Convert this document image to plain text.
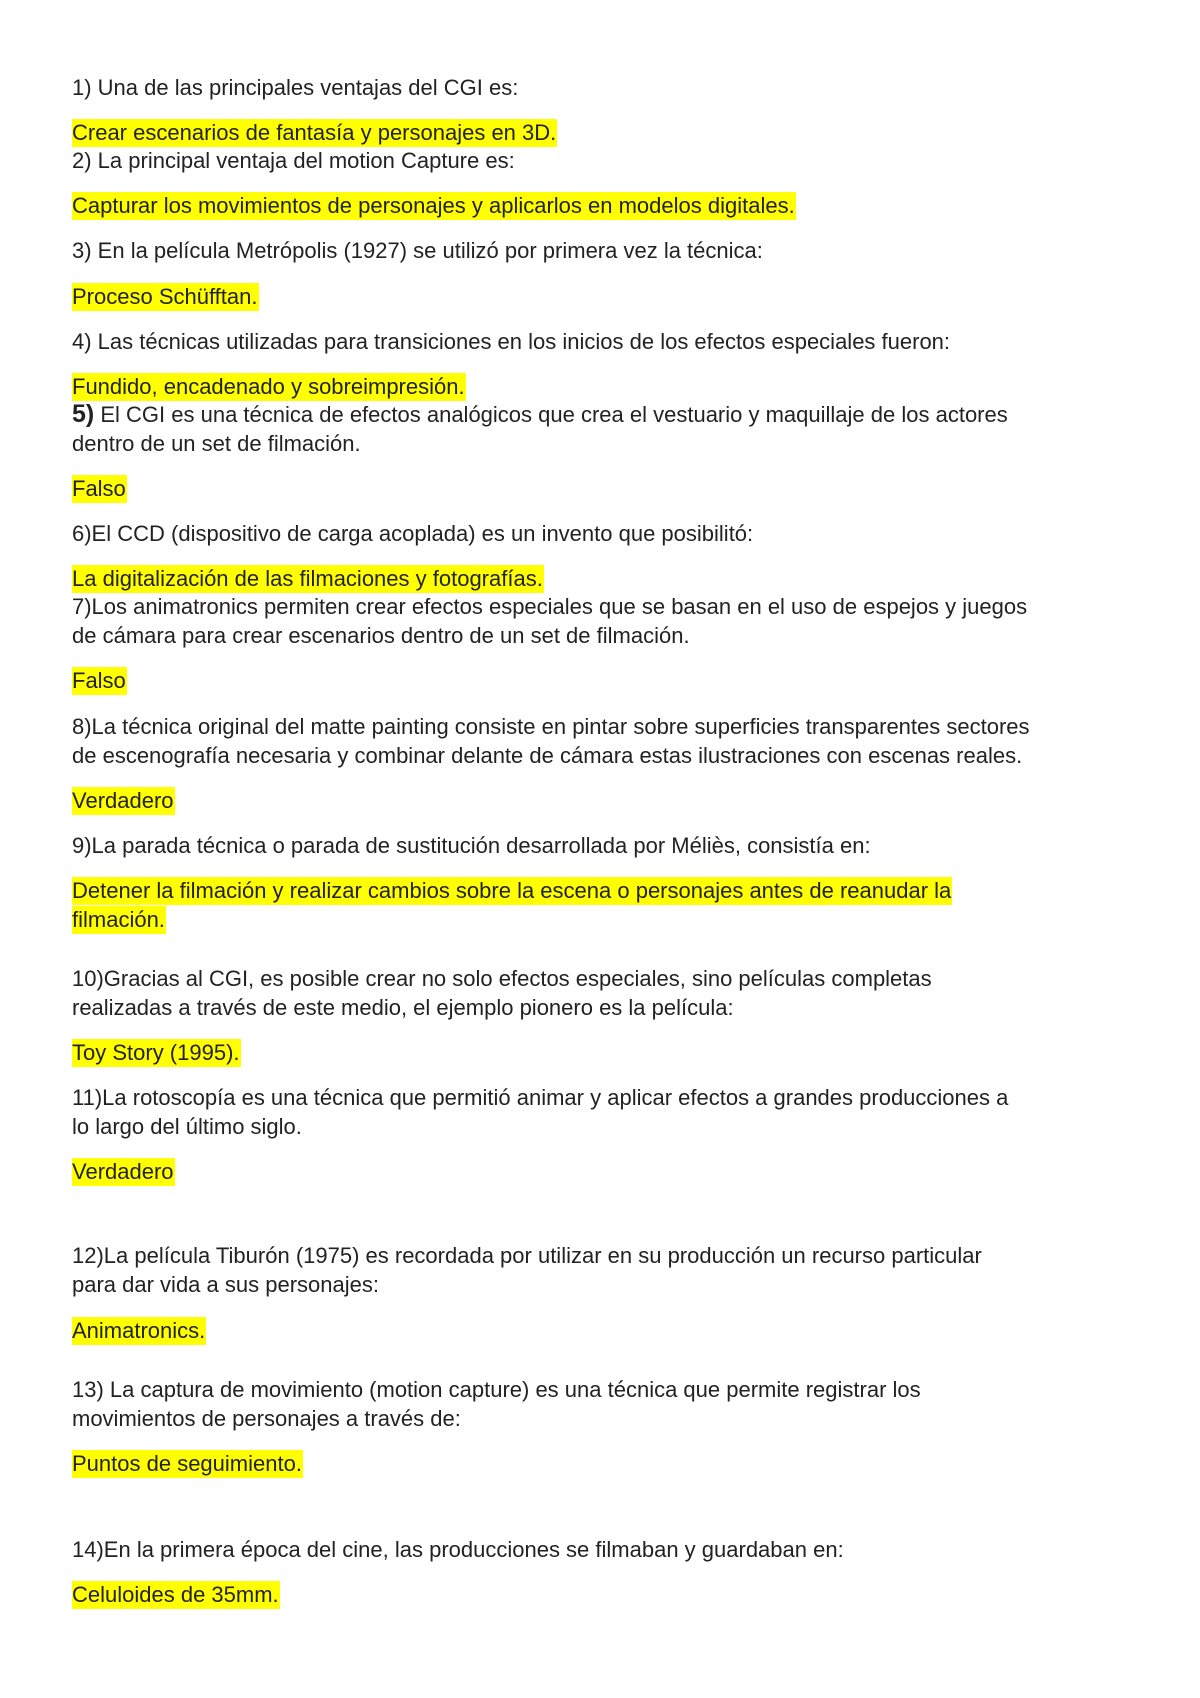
1) Una de las principales ventajas del CGI es:

Crear escenarios de fantasía y personajes en 3D.

2) La principal ventaja del motion Capture es:

Capturar los movimientos de personajes y aplicarlos en modelos digitales.

3) En la película Metrópolis (1927) se utilizó por primera vez la técnica:

Proceso Schüfftan.

4) Las técnicas utilizadas para transiciones en los inicios de los efectos especiales fueron:

Fundido, encadenado y sobreimpresión.

5) El CGI es una técnica de efectos analógicos que crea el vestuario y maquillaje de los actores

dentro de un set de filmación.

Falso

6)El CCD (dispositivo de carga acoplada) es un invento que posibilitó:

La digitalización de las filmaciones y fotografías.

7)Los animatronics permiten crear efectos especiales que se basan en el uso de espejos y juegos

de cámara para crear escenarios dentro de un set de filmación.

Falso

8)La técnica original del matte painting consiste en pintar sobre superficies transparentes sectores

de escenografía necesaria y combinar delante de cámara estas ilustraciones con escenas reales.

Verdadero

9)La parada técnica o parada de sustitución desarrollada por Méliès, consistía en:

Detener la filmación y realizar cambios sobre la escena o personajes antes de reanudar la

filmación.

10)Gracias al CGI, es posible crear no solo efectos especiales, sino películas completas

realizadas a través de este medio, el ejemplo pionero es la película:

Toy Story (1995).

11)La rotoscopía es una técnica que permitió animar y aplicar efectos a grandes producciones a

lo largo del último siglo.

Verdadero

12)La película Tiburón (1975) es recordada por utilizar en su producción un recurso particular

para dar vida a sus personajes:

Animatronics.

13) La captura de movimiento (motion capture) es una técnica que permite registrar los

movimientos de personajes a través de:

Puntos de seguimiento.

14)En la primera época del cine, las producciones se filmaban y guardaban en:

Celuloides de 35mm.
